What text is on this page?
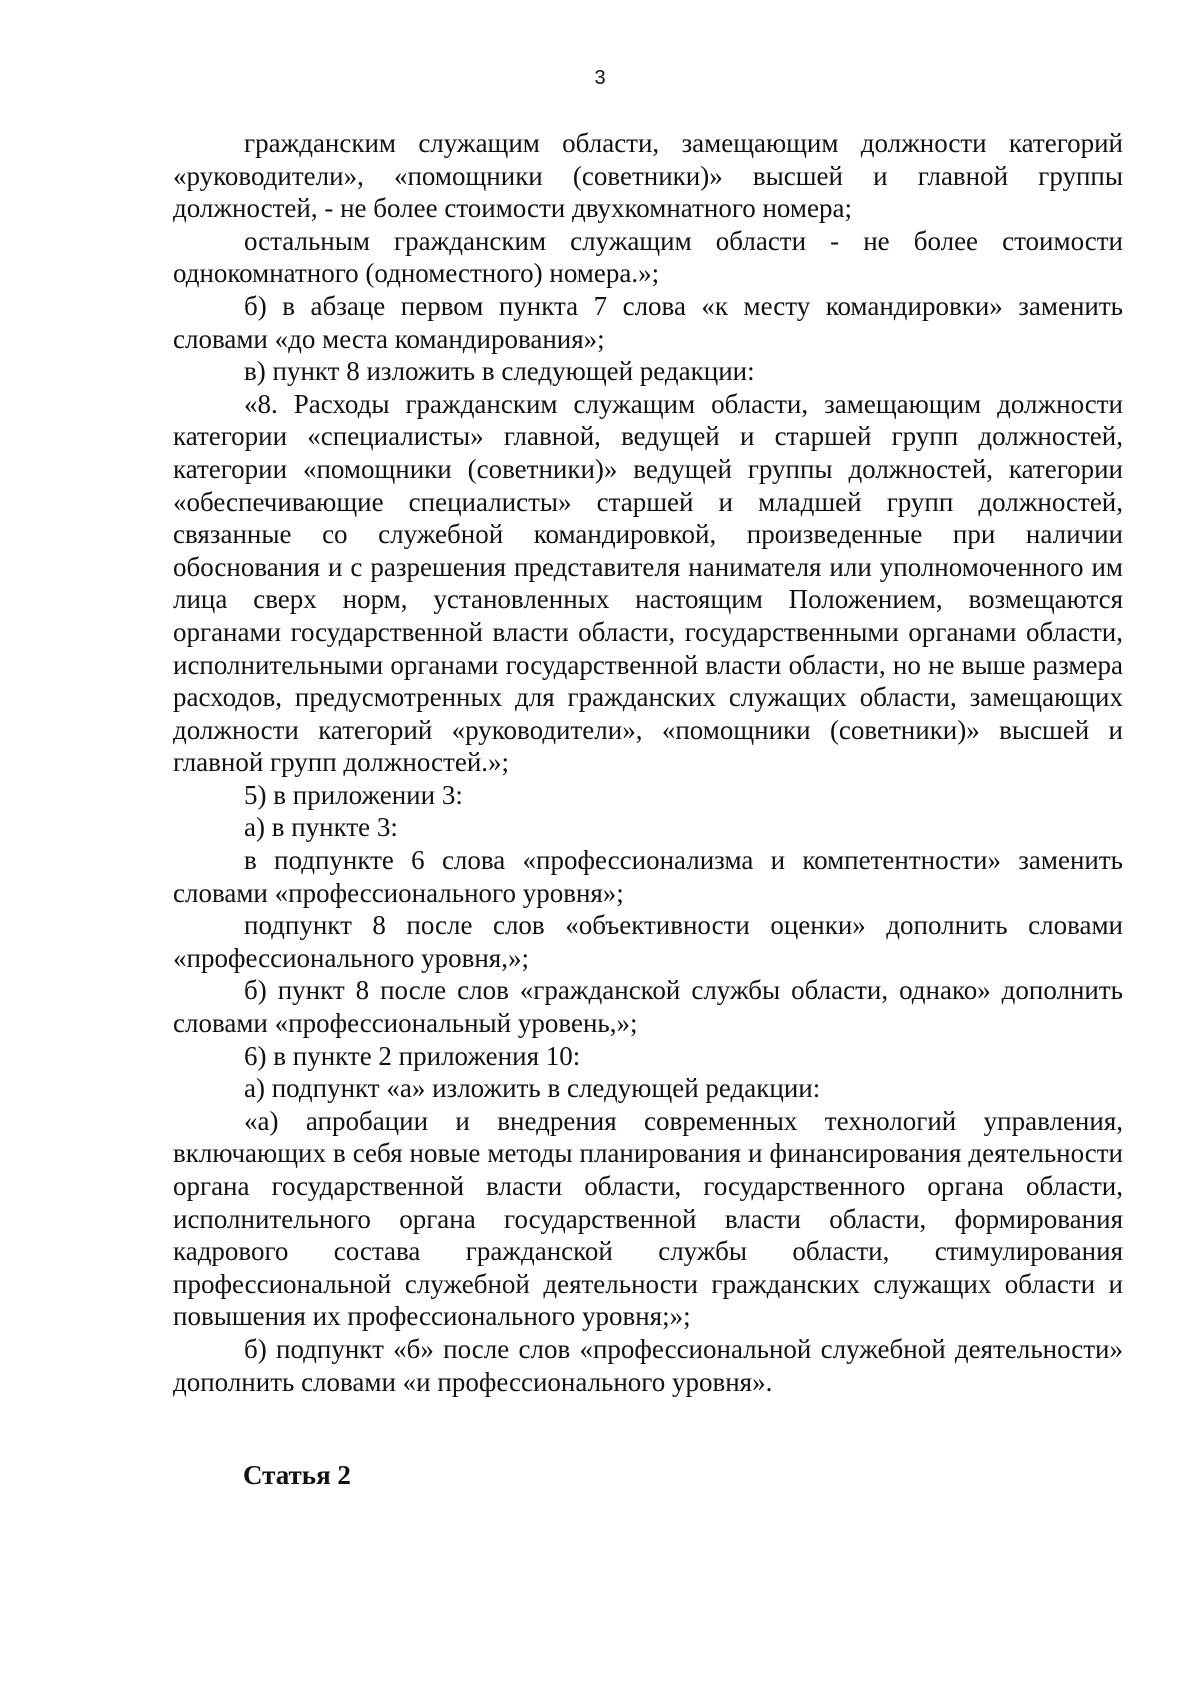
3

гражданским служащим области, замещающим должности категорий «руководители», «помощники (советники)» высшей и главной группы должностей, - не более стоимости двухкомнатного номера;

остальным гражданским служащим области - не более стоимости однокомнатного (одноместного) номера.»;

б) в абзаце первом пункта 7 слова «к месту командировки» заменить словами «до места командирования»;

в) пункт 8 изложить в следующей редакции:

«8. Расходы гражданским служащим области, замещающим должности категории «специалисты» главной, ведущей и старшей групп должностей, категории «помощники (советники)» ведущей группы должностей, категории «обеспечивающие специалисты» старшей и младшей групп должностей, связанные со служебной командировкой, произведенные при наличии обоснования и с разрешения представителя нанимателя или уполномоченного им лица сверх норм, установленных настоящим Положением, возмещаются органами государственной власти области, государственными органами области, исполнительными органами государственной власти области, но не выше размера расходов, предусмотренных для гражданских служащих области, замещающих должности категорий «руководители», «помощники (советники)» высшей и главной групп должностей.»;

5) в приложении 3:

а) в пункте 3:

в подпункте 6 слова «профессионализма и компетентности» заменить словами «профессионального уровня»;

подпункт 8 после слов «объективности оценки» дополнить словами «профессионального уровня,»;

б) пункт 8 после слов «гражданской службы области, однако» дополнить словами «профессиональный уровень,»;

6) в пункте 2 приложения 10:

а) подпункт «а» изложить в следующей редакции:

«а) апробации и внедрения современных технологий управления, включающих в себя новые методы планирования и финансирования деятельности органа государственной власти области, государственного органа области, исполнительного органа государственной власти области, формирования кадрового состава гражданской службы области, стимулирования профессиональной служебной деятельности гражданских служащих области и повышения их профессионального уровня;»;

б) подпункт «б» после слов «профессиональной служебной деятельности» дополнить словами «и профессионального уровня».

Статья 2
